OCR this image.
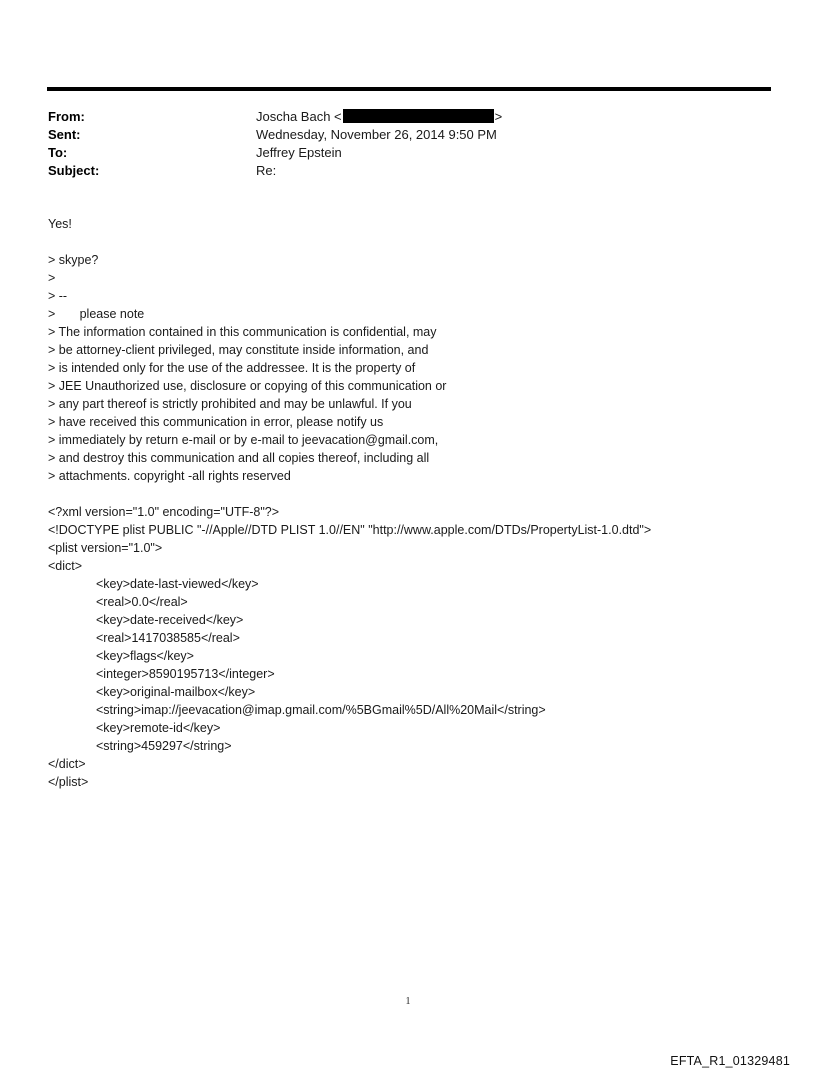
From:	Joscha Bach <	>
Sent:	Wednesday, November 26, 2014 9:50 PM
To:	Jeffrey Epstein
Subject:	Re:
Yes!
> skype?
>
> --
>       please note
> The information contained in this communication is confidential, may
> be attorney-client privileged, may constitute inside information, and
> is intended only for the use of the addressee. It is the property of
> JEE Unauthorized use, disclosure or copying of this communication or
> any part thereof is strictly prohibited and may be unlawful. If you
> have received this communication in error, please notify us
> immediately by return e-mail or by e-mail to jeevacation@gmail.com,
> and destroy this communication and all copies thereof, including all
> attachments. copyright -all rights reserved
<?xml version="1.0" encoding="UTF-8"?>
<!DOCTYPE plist PUBLIC "-//Apple//DTD PLIST 1.0//EN" "http://www.apple.com/DTDs/PropertyList-1.0.dtd">
<plist version="1.0">
<dict>
<key>date-last-viewed</key>
<real>0.0</real>
<key>date-received</key>
<real>1417038585</real>
<key>flags</key>
<integer>8590195713</integer>
<key>original-mailbox</key>
<string>imap://jeevacation@imap.gmail.com/%5BGmail%5D/All%20Mail</string>
<key>remote-id</key>
<string>459297</string>
</dict>
</plist>
1
EFTA_R1_01329481
